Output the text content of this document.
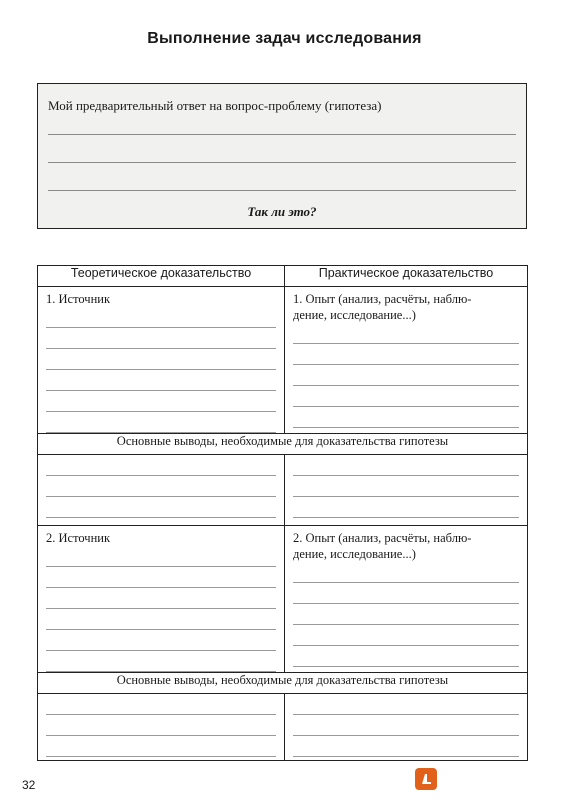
Выполнение задач исследования
Мой предварительный ответ на вопрос-проблему (гипотеза)
Так ли это?
Теоретическое доказательство	Практическое доказательство

1. Источник	1. Опыт (анализ, расчёты, наблю-
дение, исследование...)

Основные выводы, необходимые для доказательства гипотезы	

2. Источник	2. Опыт (анализ, расчёты, наблю-
дение, исследование...)

Основные выводы, необходимые для доказательства гипотезы	

32
